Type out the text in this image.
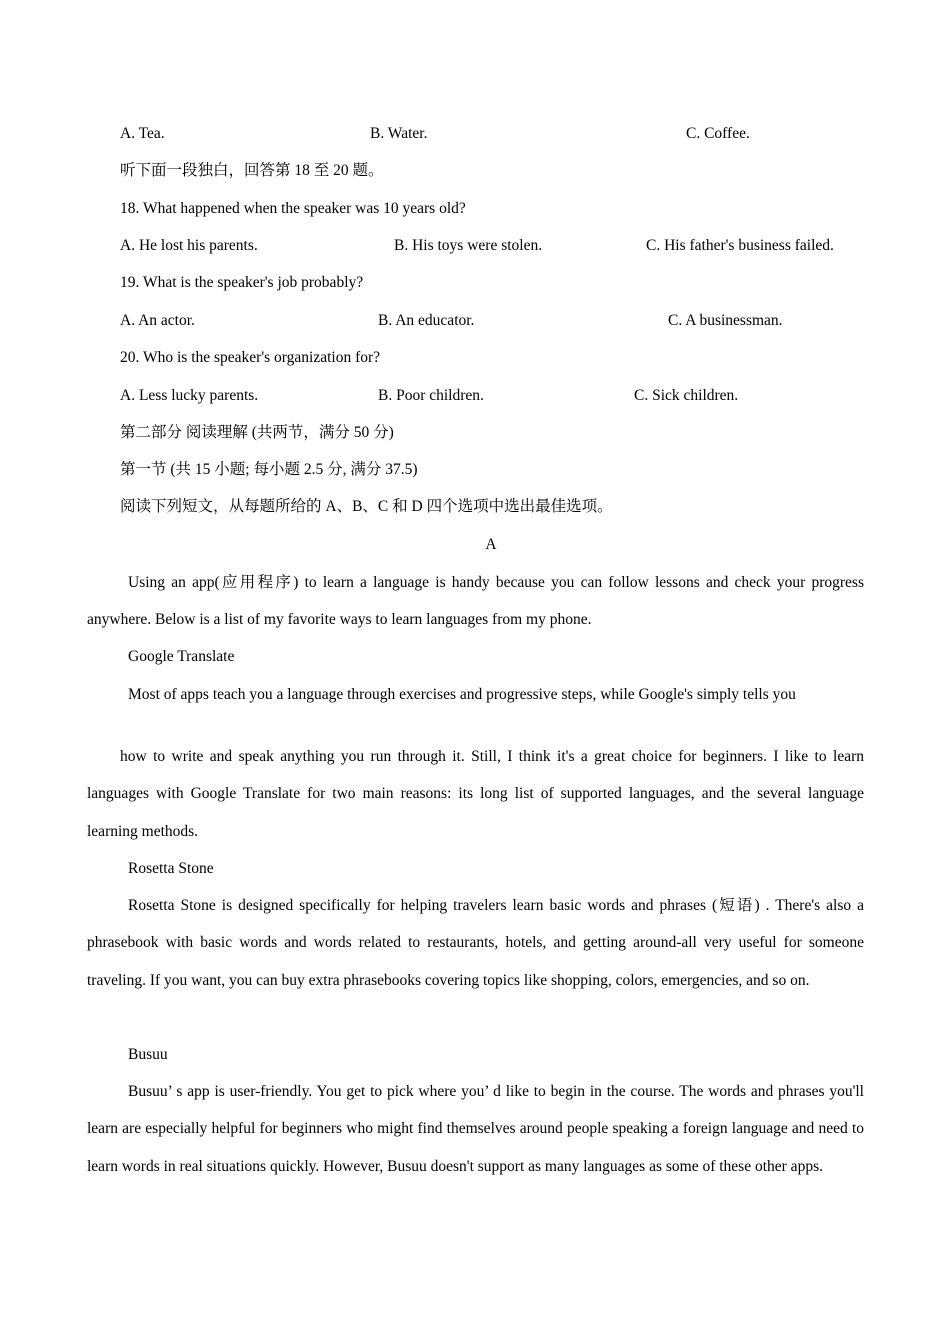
A. Tea.	B. Water.	C. Coffee.
听下面一段独白，回答第 18 至 20 题。
18. What happened when the speaker was 10 years old?
A. He lost his parents.	B. His toys were stolen.	C. His father's business failed.
19. What is the speaker's job probably?
A. An actor.	B. An educator.	C. A businessman.
20. Who is the speaker's organization for?
A. Less lucky parents.	B. Poor children.	C. Sick children.
第二部分 阅读理解 (共两节，满分 50 分)
第一节 (共 15 小题; 每小题 2.5 分, 满分 37.5)
阅读下列短文，从每题所给的 A、B、C 和 D 四个选项中选出最佳选项。
A
Using an app(应用程序) to learn a language is handy because you can follow lessons and check your progress anywhere. Below is a list of my favorite ways to learn languages from my phone.
Google Translate
Most of apps teach you a language through exercises and progressive steps, while Google's simply tells you
how to write and speak anything you run through it. Still, I think it's a great choice for beginners. I like to learn languages with Google Translate for two main reasons: its long list of supported languages, and the several language learning methods.
Rosetta Stone
Rosetta Stone is designed specifically for helping travelers learn basic words and phrases (短语) . There's also a phrasebook with basic words and words related to restaurants, hotels, and getting around-all very useful for someone traveling. If you want, you can buy extra phrasebooks covering topics like shopping, colors, emergencies, and so on.
Busuu
Busuu’ s app is user-friendly. You get to pick where you’ d like to begin in the course. The words and phrases you'll learn are especially helpful for beginners who might find themselves around people speaking a foreign language and need to learn words in real situations quickly. However, Busuu doesn't support as many languages as some of these other apps.
